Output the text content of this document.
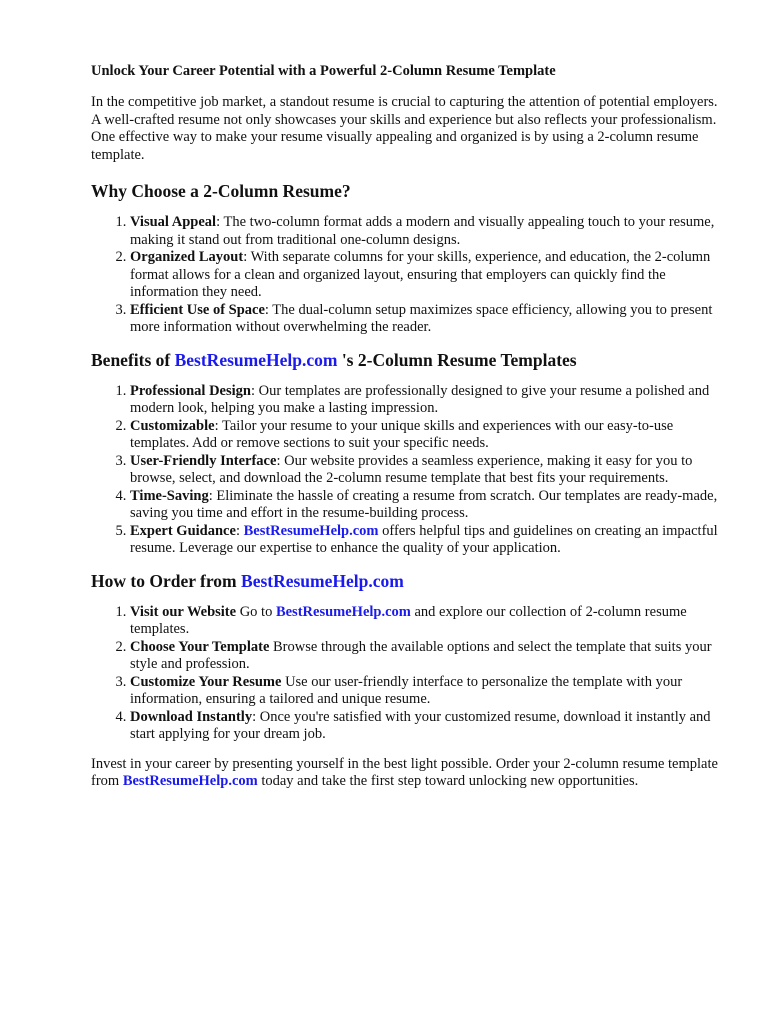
Unlock Your Career Potential with a Powerful 2-Column Resume Template

In the competitive job market, a standout resume is crucial to capturing the attention of potential employers. A well-crafted resume not only showcases your skills and experience but also reflects your professionalism. One effective way to make your resume visually appealing and organized is by using a 2-column resume template.

Why Choose a 2-Column Resume?
1. Visual Appeal: The two-column format adds a modern and visually appealing touch to your resume, making it stand out from traditional one-column designs.
2. Organized Layout: With separate columns for your skills, experience, and education, the 2-column format allows for a clean and organized layout, ensuring that employers can quickly find the information they need.
3. Efficient Use of Space: The dual-column setup maximizes space efficiency, allowing you to present more information without overwhelming the reader.
Benefits of BestResumeHelp.com 's 2-Column Resume Templates
1. Professional Design: Our templates are professionally designed to give your resume a polished and modern look, helping you make a lasting impression.
2. Customizable: Tailor your resume to your unique skills and experiences with our easy-to-use templates. Add or remove sections to suit your specific needs.
3. User-Friendly Interface: Our website provides a seamless experience, making it easy for you to browse, select, and download the 2-column resume template that best fits your requirements.
4. Time-Saving: Eliminate the hassle of creating a resume from scratch. Our templates are ready-made, saving you time and effort in the resume-building process.
5. Expert Guidance: BestResumeHelp.com offers helpful tips and guidelines on creating an impactful resume. Leverage our expertise to enhance the quality of your application.
How to Order from BestResumeHelp.com
1. Visit our Website Go to BestResumeHelp.com and explore our collection of 2-column resume templates.
2. Choose Your Template Browse through the available options and select the template that suits your style and profession.
3. Customize Your Resume Use our user-friendly interface to personalize the template with your information, ensuring a tailored and unique resume.
4. Download Instantly: Once you're satisfied with your customized resume, download it instantly and start applying for your dream job.

Invest in your career by presenting yourself in the best light possible. Order your 2-column resume template from BestResumeHelp.com today and take the first step toward unlocking new opportunities.
